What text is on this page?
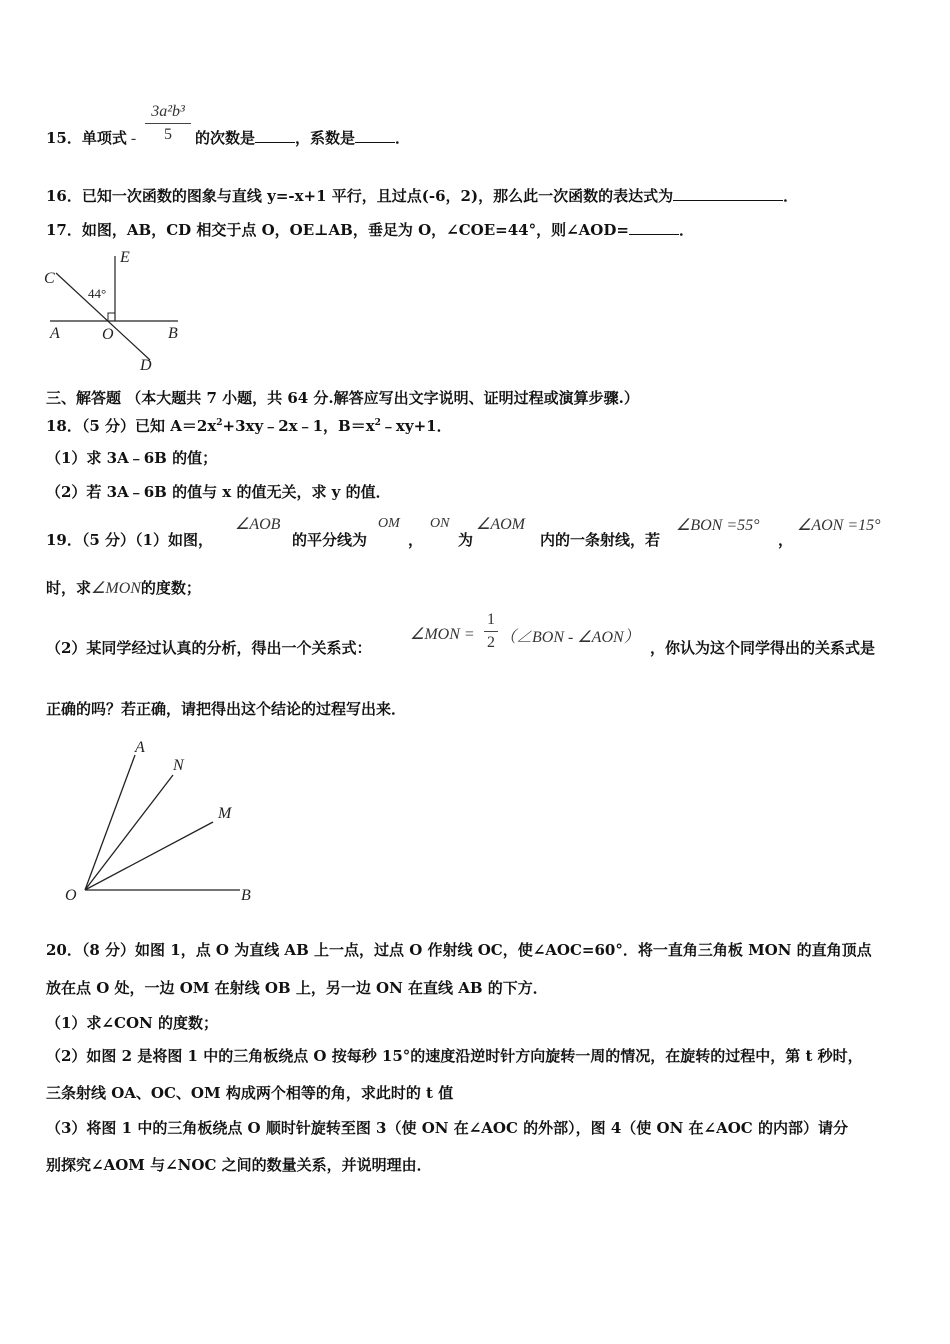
15．单项式 -
3a²b³
5	的次数是	，系数是	．
16．已知一次函数的图象与直线 y=-x+1 平行，且过点(-6，2)，那么此一次函数的表达式为	．
17．如图，AB，CD 相交于点 O，OE⊥AB，垂足为 O，∠COE=44°，则∠AOD=	．
C
E
44°
A	O	B
D
三、解答题 （本大题共 7 小题，共 64 分.解答应写出文字说明、证明过程或演算步骤.）
18．（5 分）已知 $A=2x^2+3xy﹣2x﹣1$，$B=x^2﹣xy+1$．
（1）求 3A﹣6B 的值；
（2）若 3A﹣6B 的值与 x 的值无关，求 y 的值．
19．（5 分）（1）如图，
∠AOB
的平分线为
OM
，
ON
为
∠AOM
内的一条射线，若
∠BON =55°
，
∠AON =15°
时，求∠MON的度数；
（2）某同学经过认真的分析，得出一个关系式：
∠MON =
1
2 （∠BON - ∠AON）
，你认为这个同学得出的关系式是
正确的吗？若正确，请把得出这个结论的过程写出来．
A
N
M
O	B
20．（8 分）如图 1，点 O 为直线 AB 上一点，过点 O 作射线 OC，使∠AOC=60°．将一直角三角板 MON 的直角顶点
放在点 O 处，一边 OM 在射线 OB 上，另一边 ON 在直线 AB 的下方．
（1）求∠CON 的度数；
（2）如图 2 是将图 1 中的三角板绕点 O 按每秒 15°的速度沿逆时针方向旋转一周的情况，在旋转的过程中，第 t 秒时，
三条射线 OA、OC、OM 构成两个相等的角，求此时的 t 值
（3）将图 1 中的三角板绕点 O 顺时针旋转至图 3（使 ON 在∠AOC 的外部），图 4（使 ON 在∠AOC 的内部）请分
别探究∠AOM 与∠NOC 之间的数量关系，并说明理由．
